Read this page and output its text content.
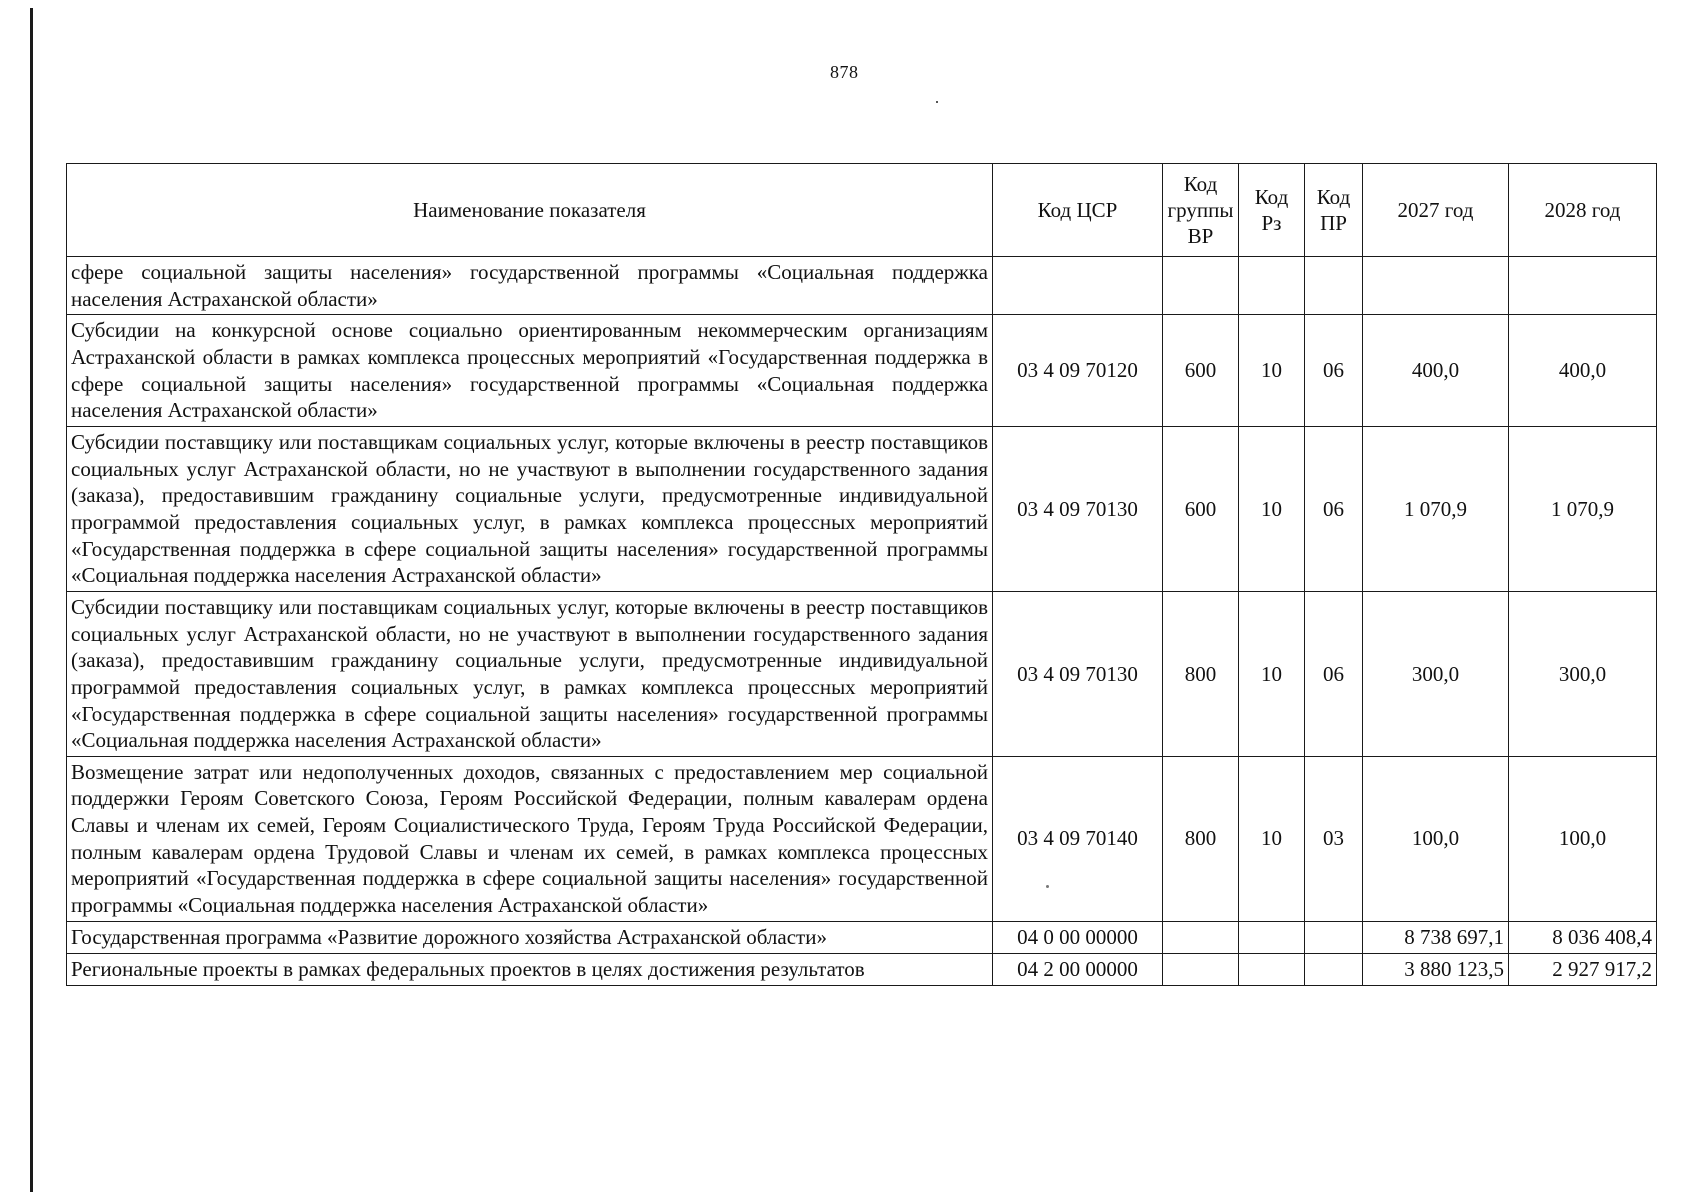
878
Наименование показателя	Код ЦСР	Код группы ВР	Код Рз	Код ПР	2027 год	2028 год
сфере социальной защиты населения» государственной программы «Социальная поддержка населения Астраханской области»						
Субсидии на конкурсной основе социально ориентированным некоммерческим организациям Астраханской области в рамках комплекса процессных мероприятий «Государственная поддержка в сфере социальной защиты населения» государственной программы «Социальная поддержка населения Астраханской области»	03 4 09 70120	600	10	06	400,0	400,0
Субсидии поставщику или поставщикам социальных услуг, которые включены в реестр поставщиков социальных услуг Астраханской области, но не участвуют в выполнении государственного задания (заказа), предоставившим гражданину социальные услуги, предусмотренные индивидуальной программой предоставления социальных услуг, в рамках комплекса процессных мероприятий «Государственная поддержка в сфере социальной защиты населения» государственной программы «Социальная поддержка населения Астраханской области»	03 4 09 70130	600	10	06	1 070,9	1 070,9
Субсидии поставщику или поставщикам социальных услуг, которые включены в реестр поставщиков социальных услуг Астраханской области, но не участвуют в выполнении государственного задания (заказа), предоставившим гражданину социальные услуги, предусмотренные индивидуальной программой предоставления социальных услуг, в рамках комплекса процессных мероприятий «Государственная поддержка в сфере социальной защиты населения» государственной программы «Социальная поддержка населения Астраханской области»	03 4 09 70130	800	10	06	300,0	300,0
Возмещение затрат или недополученных доходов, связанных с предоставлением мер социальной поддержки Героям Советского Союза, Героям Российской Федерации, полным кавалерам ордена Славы и членам их семей, Героям Социалистического Труда, Героям Труда Российской Федерации, полным кавалерам ордена Трудовой Славы и членам их семей, в рамках комплекса процессных мероприятий «Государственная поддержка в сфере социальной защиты населения» государственной программы «Социальная поддержка населения Астраханской области»	03 4 09 70140	800	10	03	100,0	100,0
Государственная программа «Развитие дорожного хозяйства Астраханской области»	04 0 00 00000				8 738 697,1	8 036 408,4
Региональные проекты в рамках федеральных проектов в целях достижения результатов	04 2 00 00000				3 880 123,5	2 927 917,2
